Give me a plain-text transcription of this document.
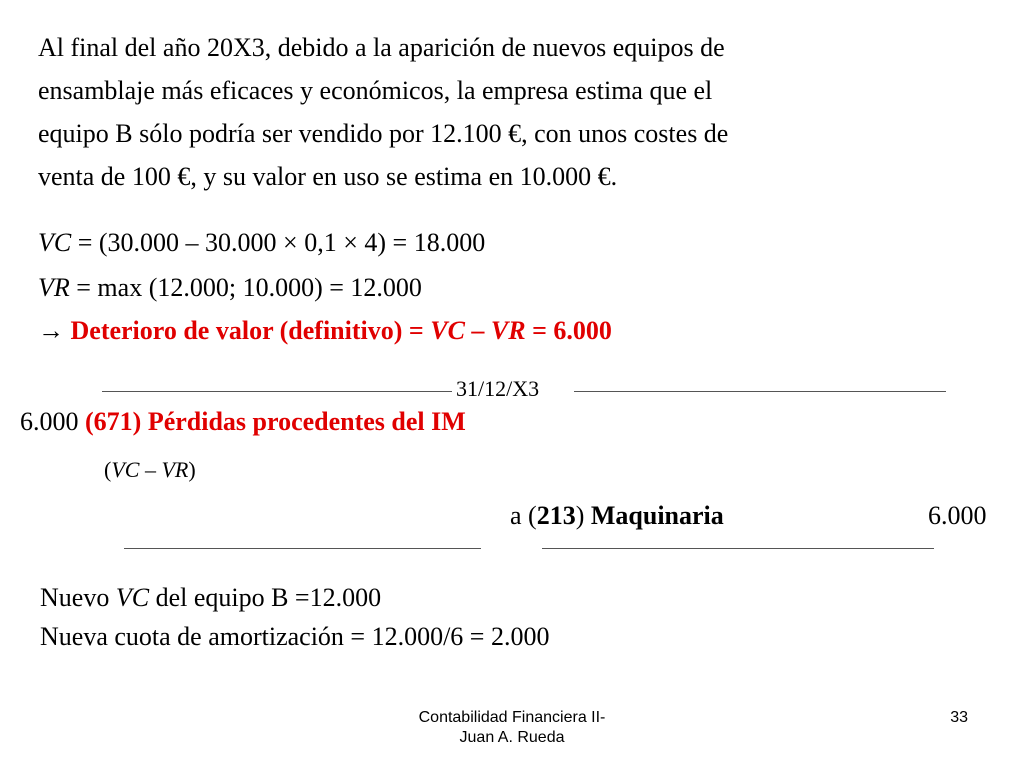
Al final del año 20X3, debido a la aparición de nuevos equipos de
ensamblaje más eficaces y económicos, la empresa estima que el
equipo B sólo podría ser vendido por 12.100 €, con unos costes de
venta de 100 €, y su valor en uso se estima en 10.000 €.
VC = (30.000 – 30.000 × 0,1 × 4) = 18.000
VR = max (12.000; 10.000) = 12.000
→ Deterioro de valor (definitivo) = VC – VR = 6.000
31/12/X3
6.000 (671) Pérdidas procedentes del IM
(VC – VR)
a (213) Maquinaria	6.000
Nuevo VC del equipo B =12.000
Nueva cuota de amortización = 12.000/6 = 2.000
Contabilidad Financiera II-
Juan A. Rueda
33
